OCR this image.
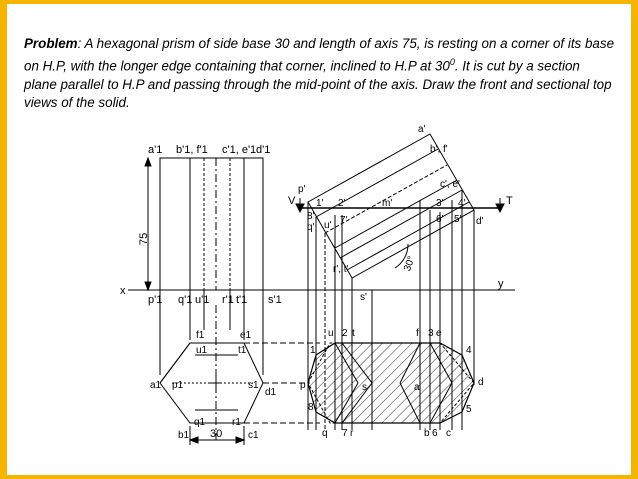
Problem: A hexagonal prism of side base 30 and length of axis 75, is resting on a corner of its base on H.P, with the longer edge containing that corner, inclined to H.P at $30^0$. It is cut by a section plane parallel to H.P and passing through the mid-point of the axis. Draw the front and sectional top views of the solid.
a'1 b'1, f'1 c'1, e'1 d'1
p'1 q'1 u'1 r'1 t'1 s'1
75
x
y
f1
u1
a1 p1
q1
b1
e1
t1
s1
d1
r1
c1
30
V	T
30°
a'
b', f'
c', e'
d'
p'
1' 2'	m'	3' 4'
8'
q' u' 7'	6' 5'
r', t'
s'
u 2 t	f 3 e
1
p
8
4
d
5
q 7 r	b 6 c
s	a
